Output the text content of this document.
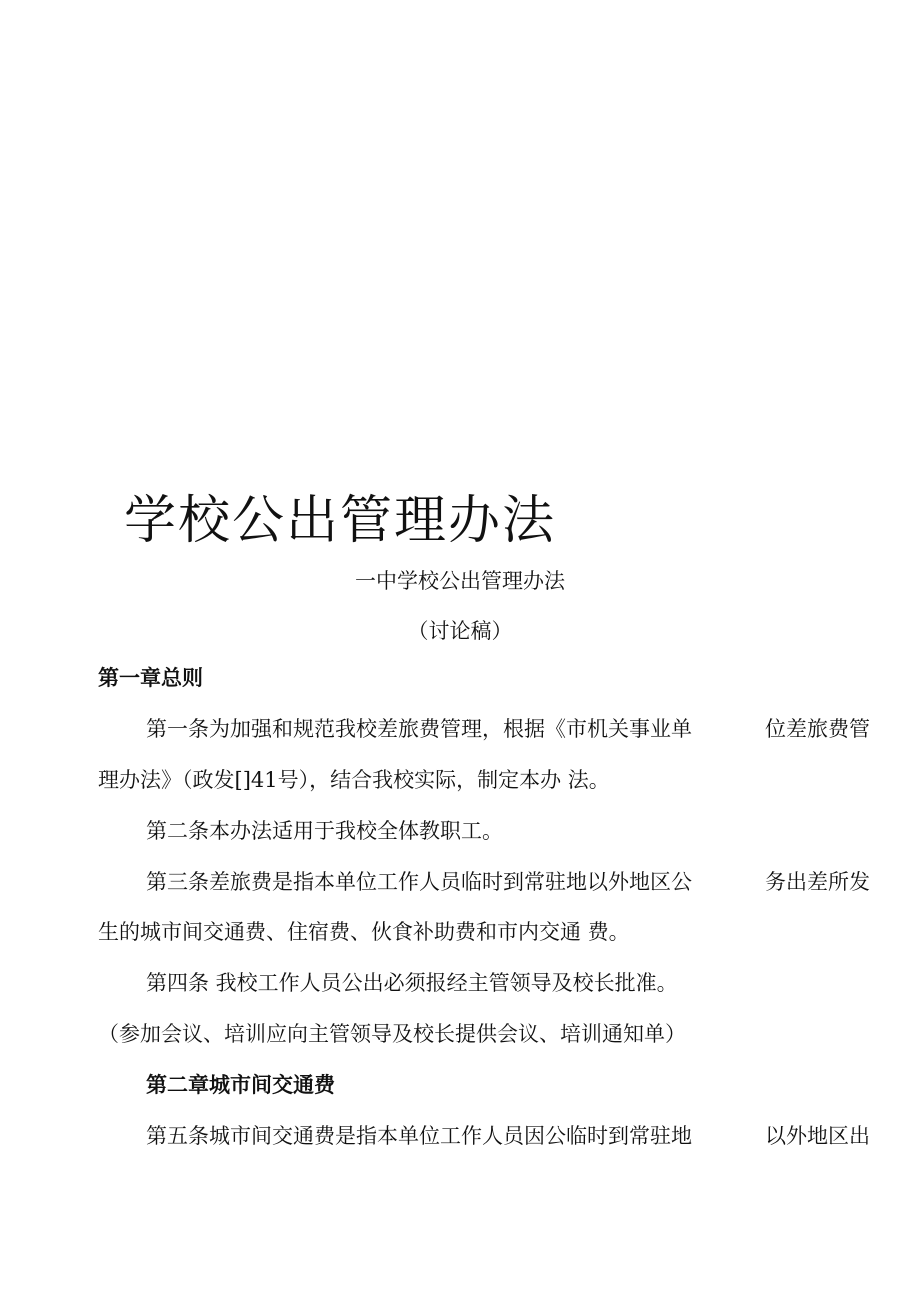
学校公出管理办法
一中学校公出管理办法
（讨论稿）
第一章总则
第一条为加强和规范我校差旅费管理，根据《市机关事业单	位差旅费管
理办法》（政发[]41号），结合我校实际，制定本办 法。
第二条本办法适用于我校全体教职工。
第三条差旅费是指本单位工作人员临时到常驻地以外地区公	务出差所发
生的城市间交通费、住宿费、伙食补助费和市内交通 费。
第四条 我校工作人员公出必须报经主管领导及校长批准。
（参加会议、培训应向主管领导及校长提供会议、培训通知单）
第二章城市间交通费
第五条城市间交通费是指本单位工作人员因公临时到常驻地	以外地区出
